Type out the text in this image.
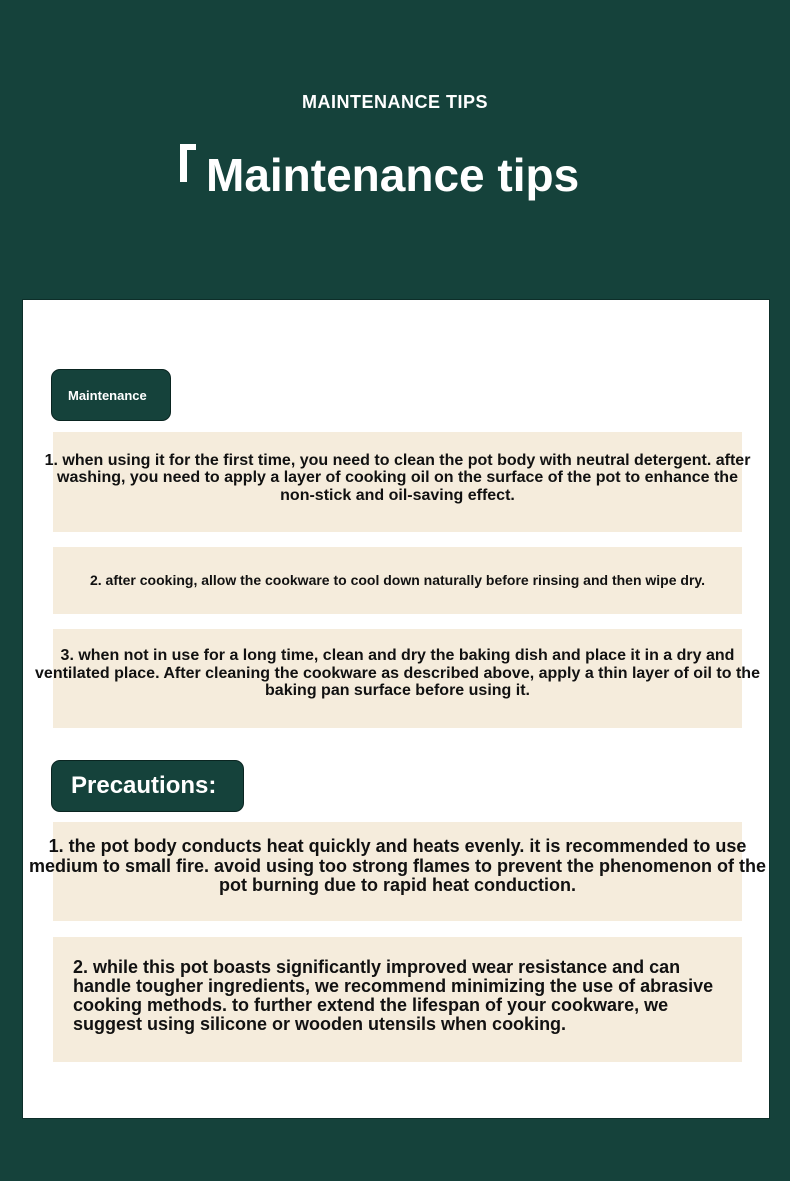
MAINTENANCE TIPS
Maintenance tips
Maintenance

1. when using it for the first time, you need to clean the pot body with neutral detergent. after washing, you need to apply a layer of cooking oil on the surface of the pot to enhance the non-stick and oil-saving effect.

2. after cooking, allow the cookware to cool down naturally before rinsing and then wipe dry.

3. when not in use for a long time, clean and dry the baking dish and place it in a dry and ventilated place. After cleaning the cookware as described above, apply a thin layer of oil to the baking pan surface before using it.

Precautions:

1. the pot body conducts heat quickly and heats evenly. it is recommended to use medium to small fire. avoid using too strong flames to prevent the phenomenon of the pot burning due to rapid heat conduction.

2. while this pot boasts significantly improved wear resistance and can handle tougher ingredients, we recommend minimizing the use of abrasive cooking methods. to further extend the lifespan of your cookware, we suggest using silicone or wooden utensils when cooking.
